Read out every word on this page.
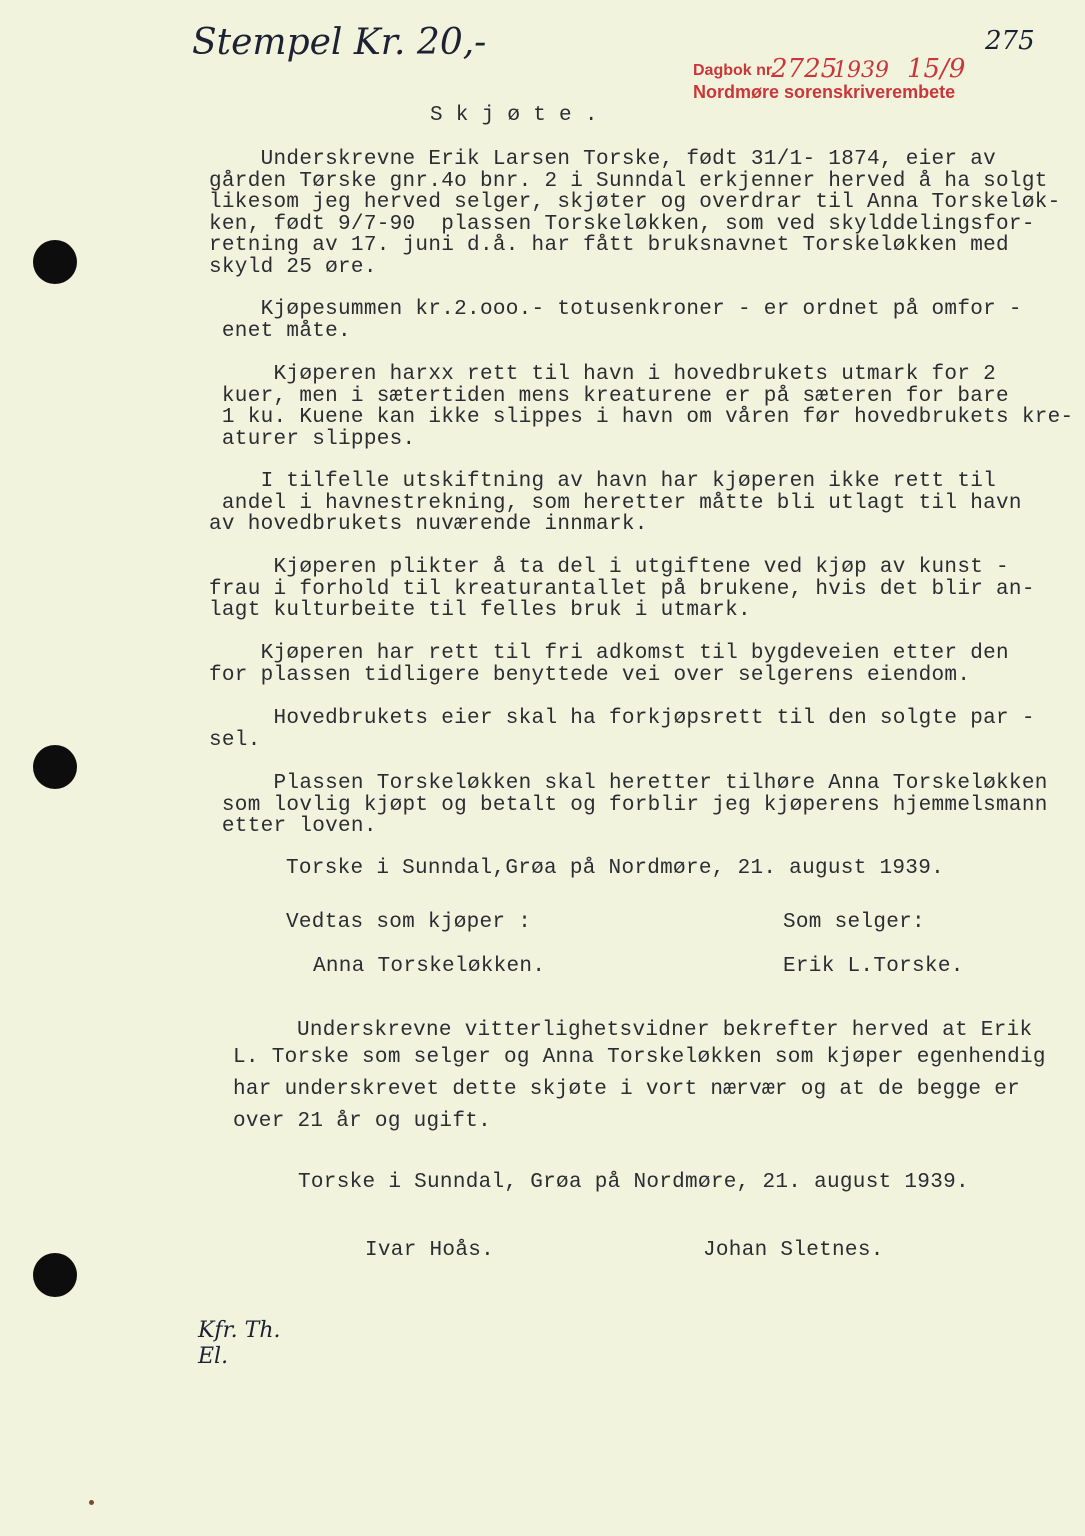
Stempel Kr. 20,-	275
Dagbok nr.
2725
1939 15/9
Nordmøre sorenskriverembete
S k j ø t e .
Underskrevne Erik Larsen Torske, født 31/1- 1874, eier av
gården Tørske gnr.4o bnr. 2 i Sunndal erkjenner herved å ha solgt
likesom jeg herved selger, skjøter og overdrar til Anna Torskeløk-
ken, født 9/7-90  plassen Torskeløkken, som ved skylddelingsfor-
retning av 17. juni d.å. har fått bruksnavnet Torskeløkken med
skyld 25 øre.
Kjøpesummen kr.2.ooo.- totusenkroner - er ordnet på omfor -
enet måte.
Kjøperen harxx rett til havn i hovedbrukets utmark for 2
kuer, men i sætertiden mens kreaturene er på sæteren for bare
1 ku. Kuene kan ikke slippes i havn om våren før hovedbrukets kre-
aturer slippes.
I tilfelle utskiftning av havn har kjøperen ikke rett til
andel i havnestrekning, som heretter måtte bli utlagt til havn
av hovedbrukets nuværende innmark.
Kjøperen plikter å ta del i utgiftene ved kjøp av kunst -
frau i forhold til kreaturantallet på brukene, hvis det blir an-
lagt kulturbeite til felles bruk i utmark.
Kjøperen har rett til fri adkomst til bygdeveien etter den
for plassen tidligere benyttede vei over selgerens eiendom.
Hovedbrukets eier skal ha forkjøpsrett til den solgte par -
sel.
Plassen Torskeløkken skal heretter tilhøre Anna Torskeløkken
som lovlig kjøpt og betalt og forblir jeg kjøperens hjemmelsmann
etter loven.
Torske i Sunndal,Grøa på Nordmøre, 21. august 1939.
Vedtas som kjøper :	Som selger:
Anna Torskeløkken.	Erik L.Torske.
Underskrevne vitterlighetsvidner bekrefter herved at Erik
L. Torske som selger og Anna Torskeløkken som kjøper egenhendig
har underskrevet dette skjøte i vort nærvær og at de begge er
over 21 år og ugift.
Torske i Sunndal, Grøa på Nordmøre, 21. august 1939.
Ivar Hoås.	Johan Sletnes.
Kfr. Th. El.
